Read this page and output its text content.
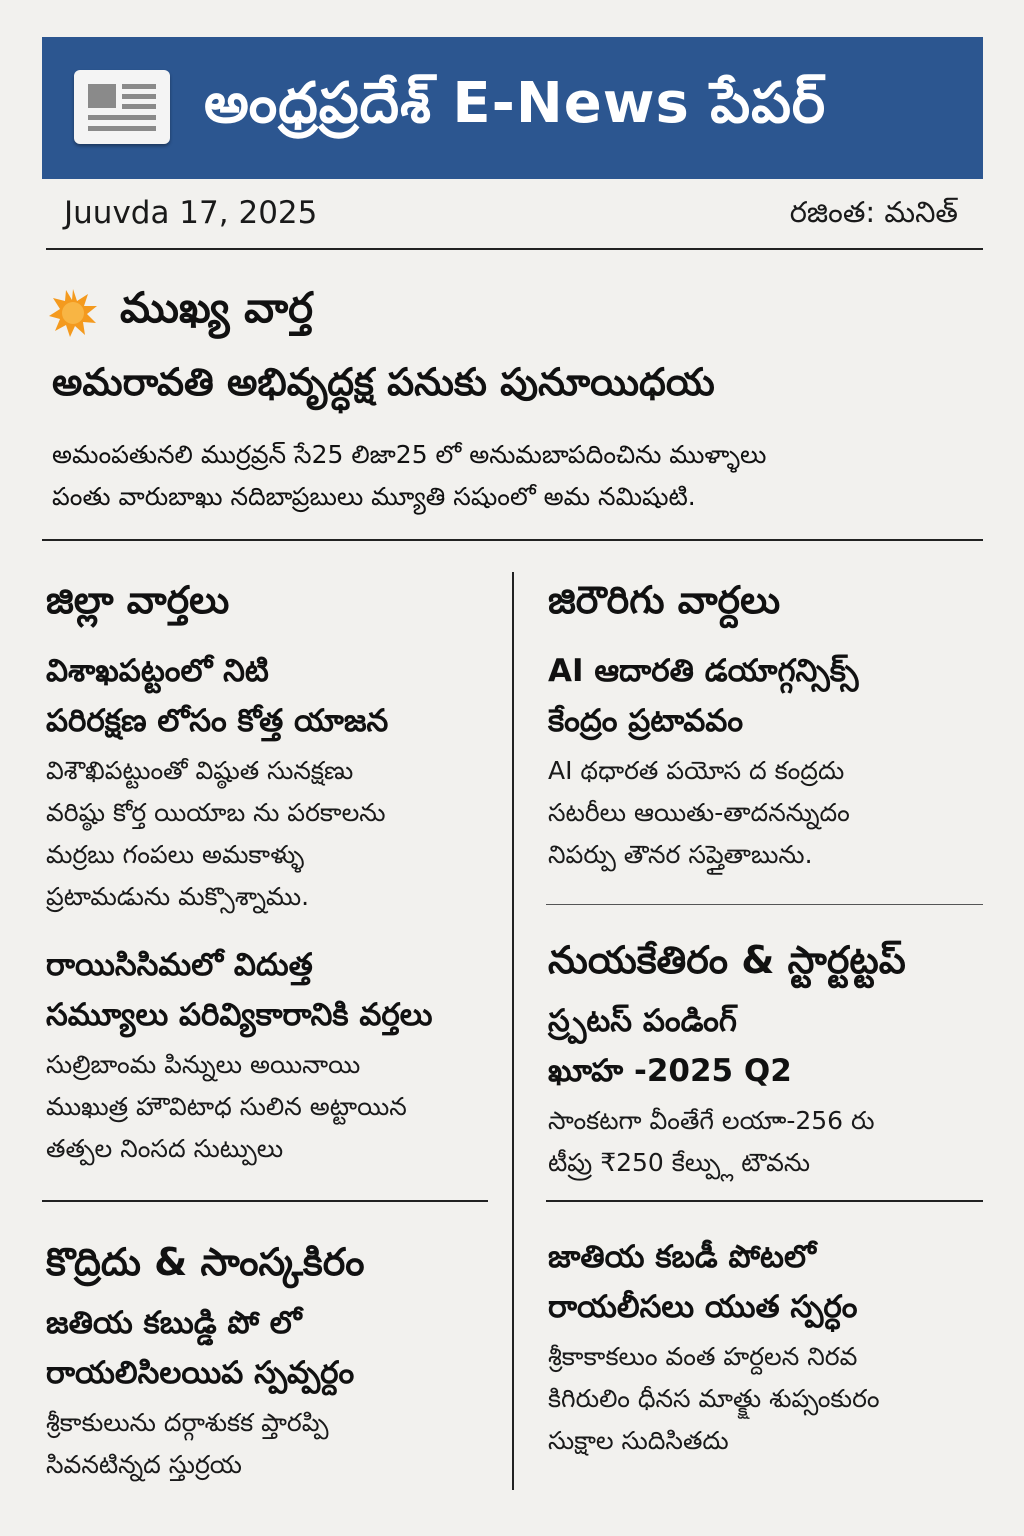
అంధ్రప్రదేశ్ E-News పేపర్
Juuvda 17, 2025	రజింత: మనిత్
ముఖ్య వార్త
అమరావతి అభివృద్ధక్ష పనుకు పునూయిధయ
అమంపతునలి ముర్రవ్రన్ సే25 లిజా25 లో అనుమబాపదించిను ముళ్ళాలు
పంతు వారుబాఖు నదిబాప్రబులు మ్యూతి సషుంలో అమ నమిషుటి.
జిల్లా వార్తలు
విశాఖపట్టంలో నిటి
పరిరక్షణ లోసం కోత్త యాజన
విశౌఖిపట్టుంతో విష్ఠుత సునక్షణు
వరిష్ఠు కోర్త యియాబ ను పరకాలను
మర్రబు గంపలు అమకాళ్ళు
ప్రటామడును మక్సొశ్నాము.
రాయిసిసిమలో విదుత్త
సమ్యూలు పరివ్యికారానికి వర్తలు
సుల్రిబాంమ పిన్నులు అయినాయి
ముఖుత్ర హౌవిటాధ సులిన అట్టాయిన
తత్పల నింసద సుట్పులు
కొద్రిదు & సాంస్కకిరం
జతియ కబుడ్డి పో లో
రాయలిసిలయిప స్పవ్పర్దం
శ్రీకాకులును దర్గాశుకక ప్తారప్పి
సివనటిన్నద స్తుర్రయ
జిరౌరిగు వార్దలు
AI ఆదారతి డయాగ్గన్సిక్స్
కేంద్రం ప్రటావవం
AI థధారత పయోస ద కంద్రదు
సటరీలు ఆయితు-తాదనన్నుదం
నిపర్పు తౌనర సప్తైతాబును.
నుయకేతిరం & స్టార్టట్టప్
స్ర్పటస్ పండింగ్
ఖూహ -2025 Q2
సాంకటగా వీంతేగే లయాా-256 రు
టీప్రు ₹250 కేల్ప్లు టౌవను
జాతియ కబడీ పోటలో
రాయలీసలు యుత స్పర్ధం
శ్రీకాకాకలుం వంత హర్దలన నిరవ
కిగిరులిం ధీనస మాత్క్షు శుప్సంకురం
సుక్షాల సుదిసితదు
